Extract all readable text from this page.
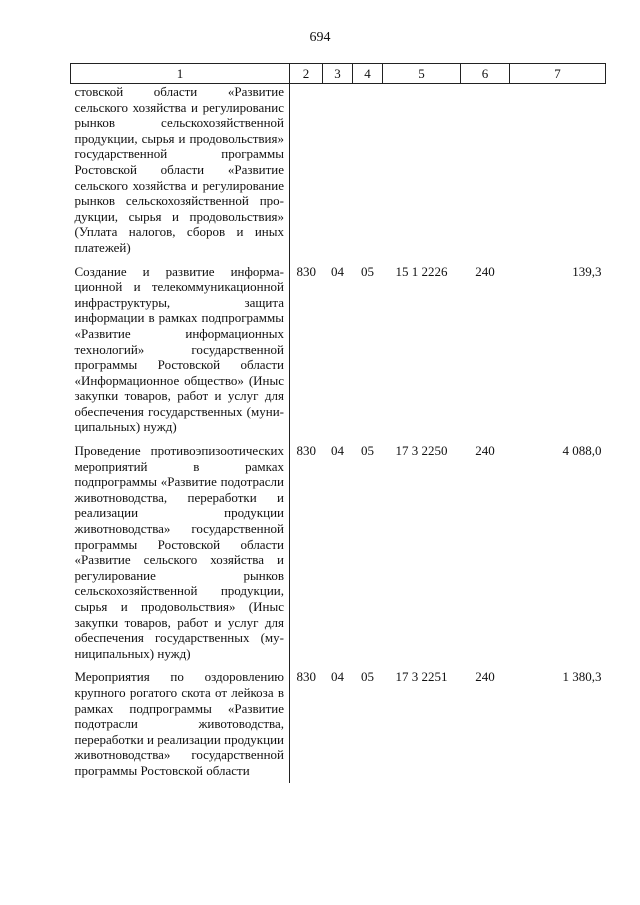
694
1	2	3	4	5	6	7
стовской области «Развитие сельского хозяйства и регулированис рынков сельскохозяйственной продукции, сырья и продовольствия» государственной программы Ростовской области «Развитие сельского хозяйства и регулирование рынков сельскохозяйственной продукции, сырья и продовольствия» (Уплата налогов, сборов и иных платежей)						
Создание и развитие информационной и телекоммуникационной инфраструктуры, защита информации в рамках подпрограммы «Развитие информационных технологий» государственной программы Ростовской области «Информационное общество» (Иныс закупки товаров, работ и услуг для обеспечения государственных (муниципальных) нужд)	830	04	05	15 1 2226	240	139,3
Проведение противоэпизоотических мероприятий в рамках подпрограммы «Развитие подотрасли животноводства, переработки и реализации продукции животноводства» государственной программы Ростовской области «Развитие сельского хозяйства и регулирование рынков сельскохозяйственной продукции, сырья и продовольствия» (Иныс закупки товаров, работ и услуг для обеспечения государственных (муниципальных) нужд)	830	04	05	17 3 2250	240	4 088,0
Мероприятия по оздоровлению крупного рогатого скота от лейкоза в рамках подпрограммы «Развитие подотрасли животоводства, переработки и реализации продукции животноводства» государственной программы Ростовской области	830	04	05	17 3 2251	240	1 380,3
